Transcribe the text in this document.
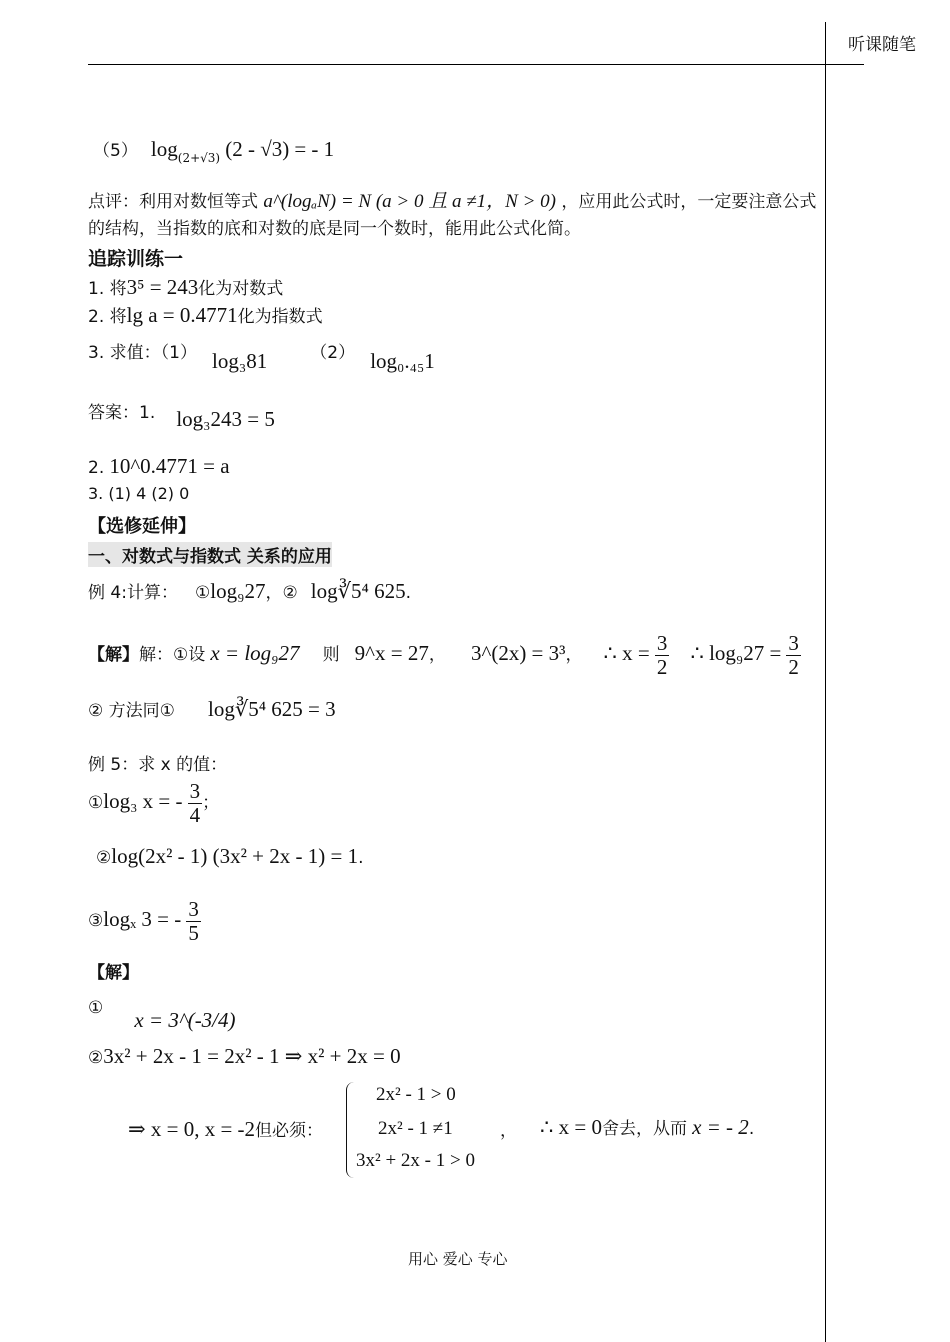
听课随笔
（5） $\log_{(2+√3)} (2 - √3)$ = - 1
点评：利用对数恒等式 a^(logₐN) = N (a > 0 且 a ≠1，N > 0) ，应用此公式时，一定要注意公式
的结构，当指数的底和对数的底是同一个数时，能用此公式化简。
追踪训练一
1. 将3⁵ = 243化为对数式
2. 将lg a = 0.4771化为指数式
3. 求值：（1） log₃81	（2） log₀.₄₅1
答案：1. log₃243 = 5
2. 10^0.4771 = a
3. (1) 4 (2) 0
【选修延伸】
一、对数式与指数式 关系的应用
例 4:计算： ①log₉27，② log∛5⁴ 625.
【解】解：①设 x = log₉27 则 9^x = 27， 3^(2x) = 3³， ∴ $x = \frac{3}{2}$ ∴ $\log_927 = \frac{3}{2}$
② 方法同① log∛5⁴ 625 = 3
例 5：求 x 的值：
①log₃ x = - $\frac{3}{4}$ ；
②log(2x² - 1) (3x² + 2x - 1) = 1.
③logₓ 3 = - $\frac{3}{5}$
【解】
① x = 3^(-3/4)
②3x² + 2x - 1 = 2x² - 1 ⇒ x² + 2x = 0
⇒ x = 0, x = -2但必须：
2x² - 1 > 0
2x² - 1 ≠1
3x² + 2x - 1 > 0
， ∴ x = 0舍去，从而 x = - 2.
用心 爱心 专心
